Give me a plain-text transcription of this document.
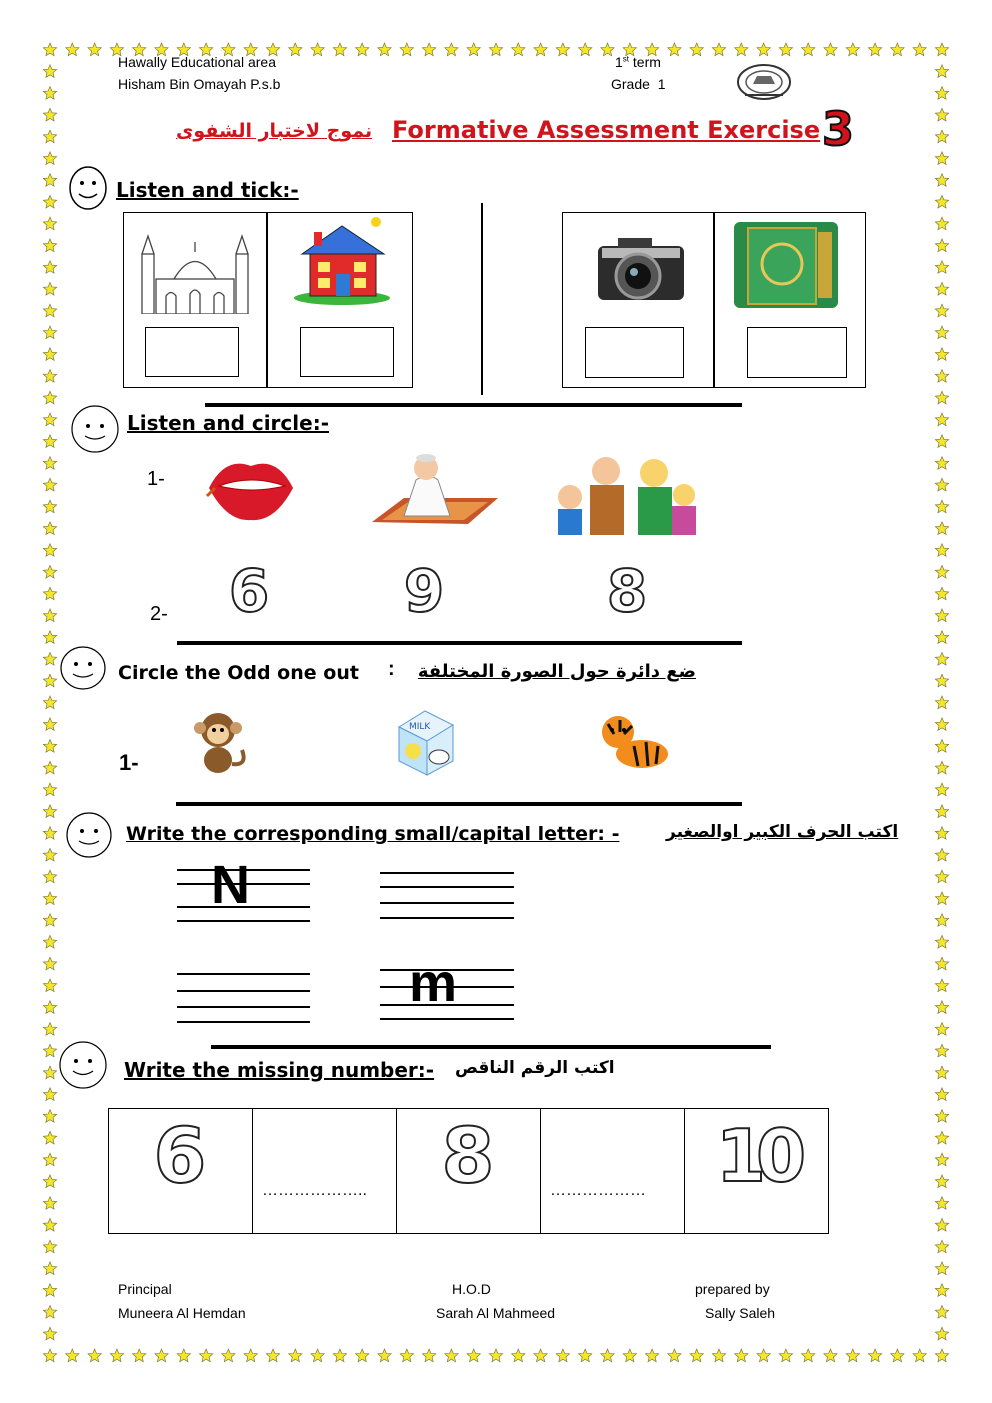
Hawally Educational area
Hisham Bin Omayah P.s.b
1st term
Grade  1
نموج لاختبار الشفوى Formative Assessment Exercise 3
Listen and tick:-
Listen and circle:-
1-
2- 6 9	8
Circle the Odd one out :	ضع دائرة حول الصورة المختلفة
1-
MILK
Write the corresponding small/capital letter: -	اكتب الحرف الكبير اوالصغير
N
m
Write the missing number:- اكتب الرقم الناقص
6	……………….. 8	……………… 10
Principal
Muneera Al Hemdan
H.O.D
Sarah Al Mahmeed
prepared by
Sally Saleh
